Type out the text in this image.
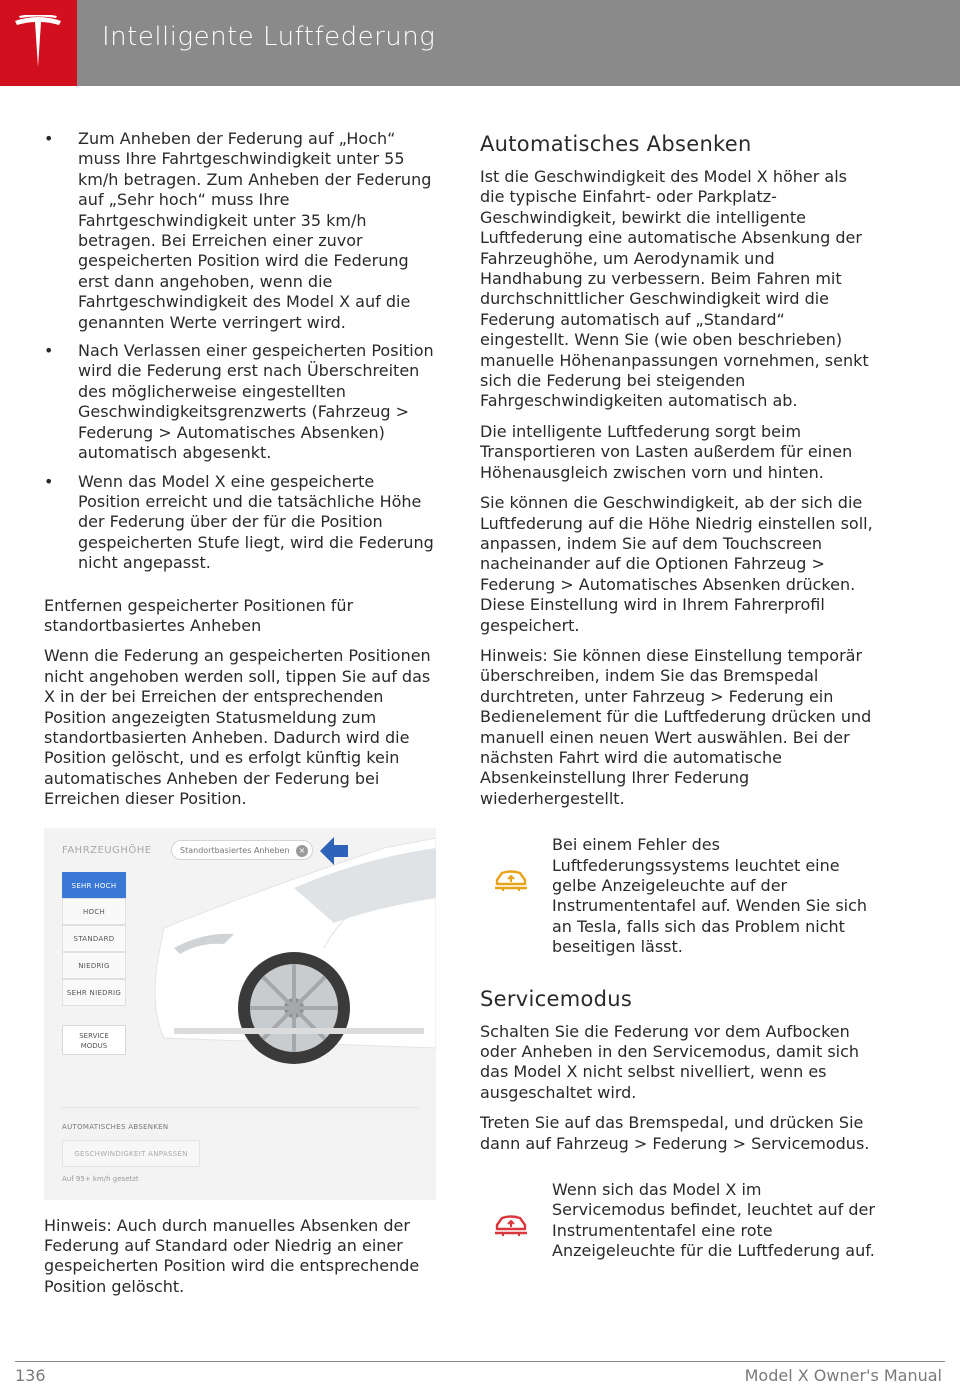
Intelligente Luftfederung
• Zum Anheben der Federung auf „Hoch“ muss Ihre Fahrtgeschwindigkeit unter 55 km/h betragen. Zum Anheben der Federung auf „Sehr hoch“ muss Ihre Fahrtgeschwindigkeit unter 35 km/h betragen. Bei Erreichen einer zuvor gespeicherten Position wird die Federung erst dann angehoben, wenn die Fahrtgeschwindigkeit des Model X auf die genannten Werte verringert wird.
• Nach Verlassen einer gespeicherten Position wird die Federung erst nach Überschreiten des möglicherweise eingestellten Geschwindigkeitsgrenzwerts (Fahrzeug > Federung > Automatisches Absenken) automatisch abgesenkt.
• Wenn das Model X eine gespeicherte Position erreicht und die tatsächliche Höhe der Federung über der für die Position gespeicherten Stufe liegt, wird die Federung nicht angepasst.

Entfernen gespeicherter Positionen für standortbasiertes Anheben

Wenn die Federung an gespeicherten Positionen nicht angehoben werden soll, tippen Sie auf das X in der bei Erreichen der entsprechenden Position angezeigten Statusmeldung zum standortbasierten Anheben. Dadurch wird die Position gelöscht, und es erfolgt künftig kein automatisches Anheben der Federung bei Erreichen dieser Position.

FAHRZEUGHÖHE	Standortbasiertes Anheben	×
SEHR HOCH
HOCH
STANDARD
NIEDRIG
SEHR NIEDRIG
SERVICE
MODUS
AUTOMATISCHES ABSENKEN
GESCHWINDIGKEIT ANPASSEN
Auf 95+ km/h gesetzt

Hinweis: Auch durch manuelles Absenken der Federung auf Standard oder Niedrig an einer gespeicherten Position wird die entsprechende Position gelöscht.

Automatisches Absenken

Ist die Geschwindigkeit des Model X höher als die typische Einfahrt- oder Parkplatz-Geschwindigkeit, bewirkt die intelligente Luftfederung eine automatische Absenkung der Fahrzeughöhe, um Aerodynamik und Handhabung zu verbessern. Beim Fahren mit durchschnittlicher Geschwindigkeit wird die Federung automatisch auf „Standard“ eingestellt. Wenn Sie (wie oben beschrieben) manuelle Höhenanpassungen vornehmen, senkt sich die Federung bei steigenden Fahrgeschwindigkeiten automatisch ab.

Die intelligente Luftfederung sorgt beim Transportieren von Lasten außerdem für einen Höhenausgleich zwischen vorn und hinten.

Sie können die Geschwindigkeit, ab der sich die Luftfederung auf die Höhe Niedrig einstellen soll, anpassen, indem Sie auf dem Touchscreen nacheinander auf die Optionen Fahrzeug > Federung > Automatisches Absenken drücken. Diese Einstellung wird in Ihrem Fahrerprofil gespeichert.

Hinweis: Sie können diese Einstellung temporär überschreiben, indem Sie das Bremspedal durchtreten, unter Fahrzeug > Federung ein Bedienelement für die Luftfederung drücken und manuell einen neuen Wert auswählen. Bei der nächsten Fahrt wird die automatische Absenkeinstellung Ihrer Federung wiederhergestellt.

Bei einem Fehler des Luftfederungssystems leuchtet eine gelbe Anzeigeleuchte auf der Instrumententafel auf. Wenden Sie sich an Tesla, falls sich das Problem nicht beseitigen lässt.

Servicemodus

Schalten Sie die Federung vor dem Aufbocken oder Anheben in den Servicemodus, damit sich das Model X nicht selbst nivelliert, wenn es ausgeschaltet wird.

Treten Sie auf das Bremspedal, und drücken Sie dann auf Fahrzeug > Federung > Servicemodus.

Wenn sich das Model X im Servicemodus befindet, leuchtet auf der Instrumententafel eine rote Anzeigeleuchte für die Luftfederung auf.

136	Model X Owner's Manual
